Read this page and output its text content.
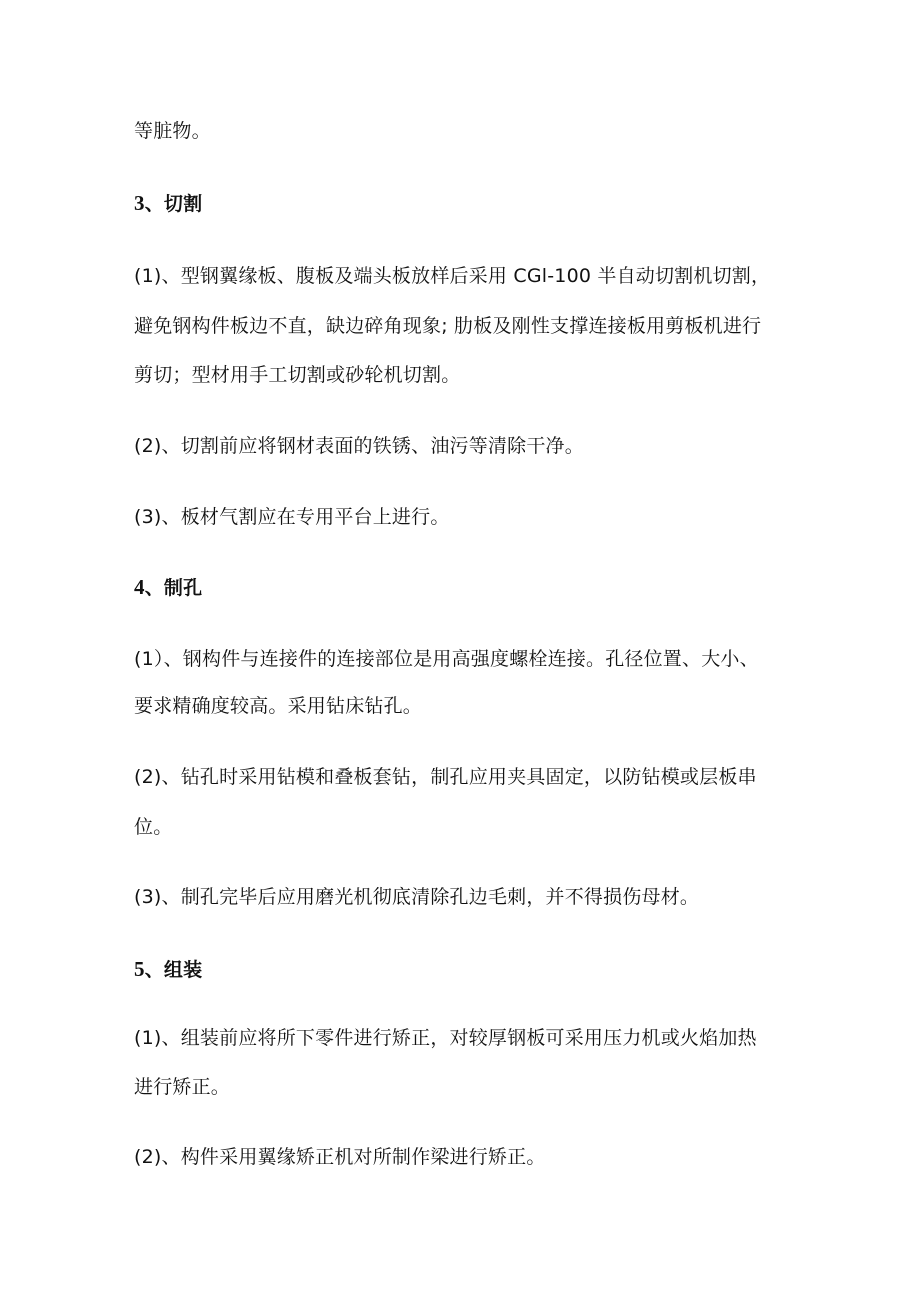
等脏物。
3、切割
(1)、型钢翼缘板、腹板及端头板放样后采用 CGl-100 半自动切割机切割，
避免钢构件板边不直，缺边碎角现象; 肋板及刚性支撑连接板用剪板机进行
剪切；型材用手工切割或砂轮机切割。
(2)、切割前应将钢材表面的铁锈、油污等清除干净。
(3)、板材气割应在专用平台上进行。
4、制孔
(1）、钢构件与连接件的连接部位是用高强度螺栓连接。孔径位置、大小、
要求精确度较高。采用钻床钻孔。
(2)、钻孔时采用钻模和叠板套钻，制孔应用夹具固定，以防钻模或层板串
位。
(3)、制孔完毕后应用磨光机彻底清除孔边毛刺，并不得损伤母材。
5、组装
(1)、组装前应将所下零件进行矫正，对较厚钢板可采用压力机或火焰加热
进行矫正。
(2)、构件采用翼缘矫正机对所制作梁进行矫正。
